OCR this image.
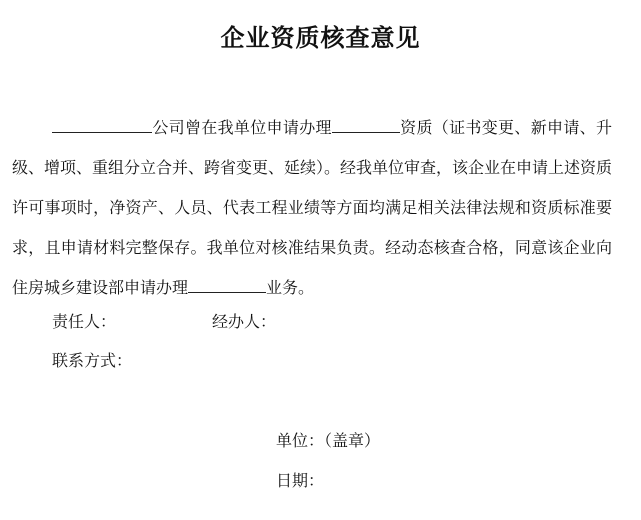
企业资质核查意见
公司曾在我单位申请办理	资质（证书变更、新申请、升级、增项、重组分立合并、跨省变更、延续）。经我单位审查，该企业在申请上述资质许可事项时，净资产、人员、代表工程业绩等方面均满足相关法律法规和资质标准要求，且申请材料完整保存。我单位对核准结果负责。经动态核查合格，同意该企业向住房城乡建设部申请办理	业务。
责任人：	经办人：
联系方式：
单位：（盖章）
日期：
